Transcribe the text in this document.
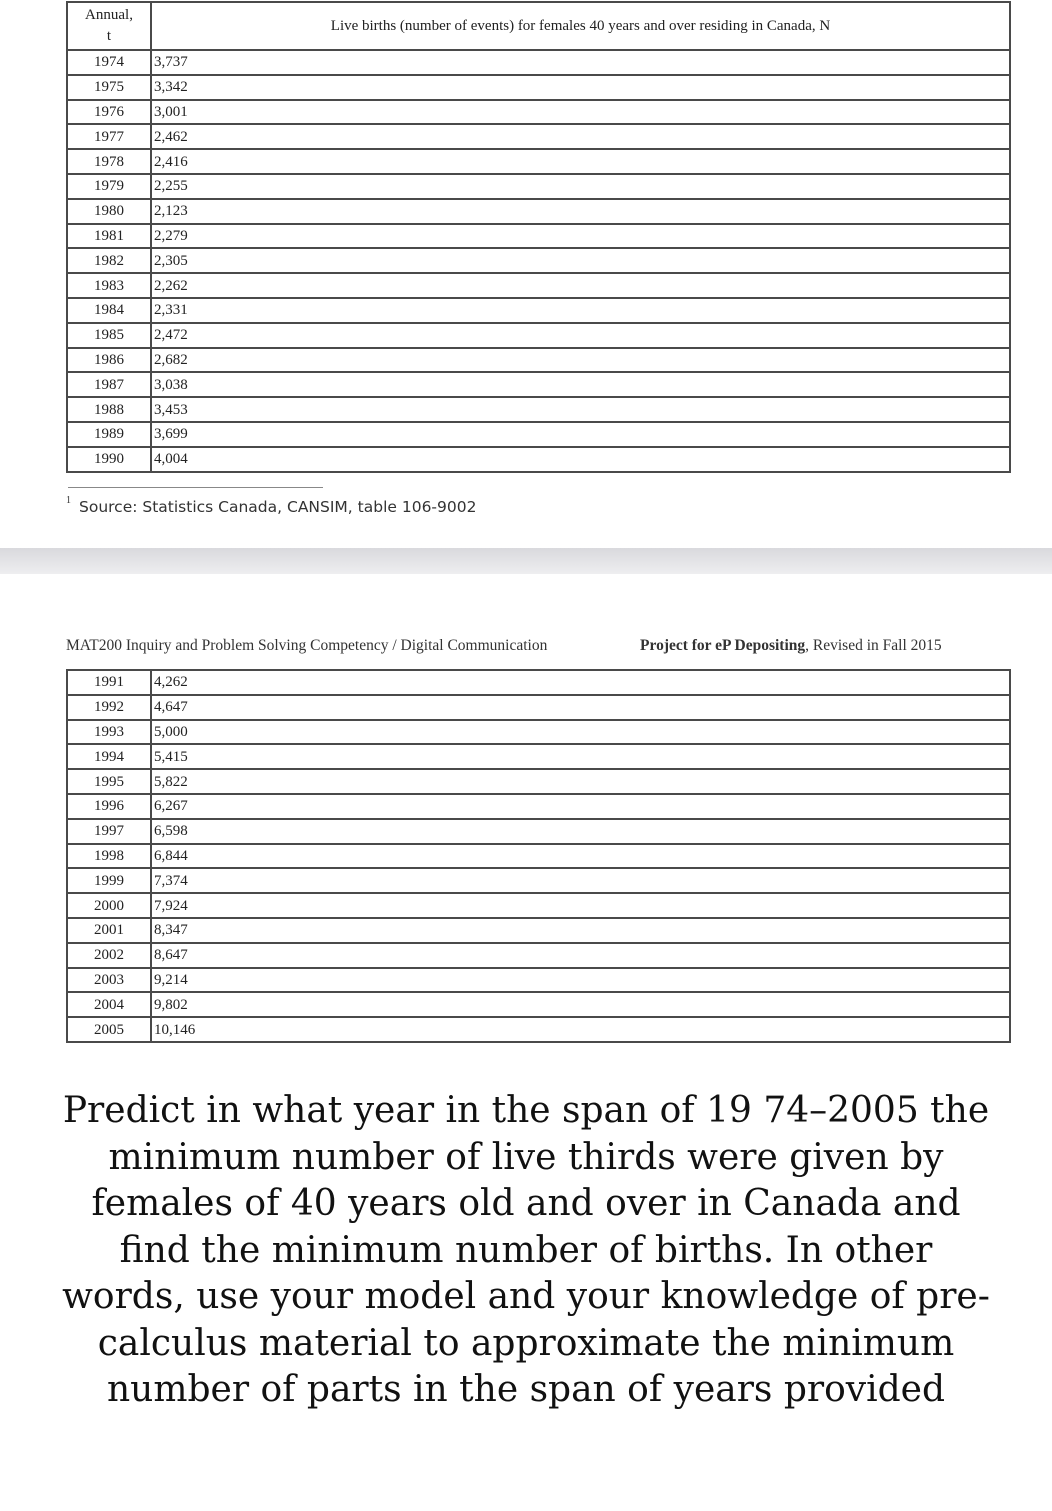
Annual,
t	Live births (number of events) for females 40 years and over residing in Canada, N
1974	3,737
1975	3,342
1976	3,001
1977	2,462
1978	2,416
1979	2,255
1980	2,123
1981	2,279
1982	2,305
1983	2,262
1984	2,331
1985	2,472
1986	2,682
1987	3,038
1988	3,453
1989	3,699
1990	4,004
$^1$ Source: Statistics Canada, CANSIM, table 106-9002
MAT200 Inquiry and Problem Solving Competency / Digital Communication	Project for eP Depositing, Revised in Fall 2015
1991	4,262
1992	4,647
1993	5,000
1994	5,415
1995	5,822
1996	6,267
1997	6,598
1998	6,844
1999	7,374
2000	7,924
2001	8,347
2002	8,647
2003	9,214
2004	9,802
2005	10,146
Predict in what year in the span of 19 74–2005 the
minimum number of live thirds were given by
females of 40 years old and over in Canada and
find the minimum number of births. In other
words, use your model and your knowledge of pre-
calculus material to approximate the minimum
number of parts in the span of years provided
